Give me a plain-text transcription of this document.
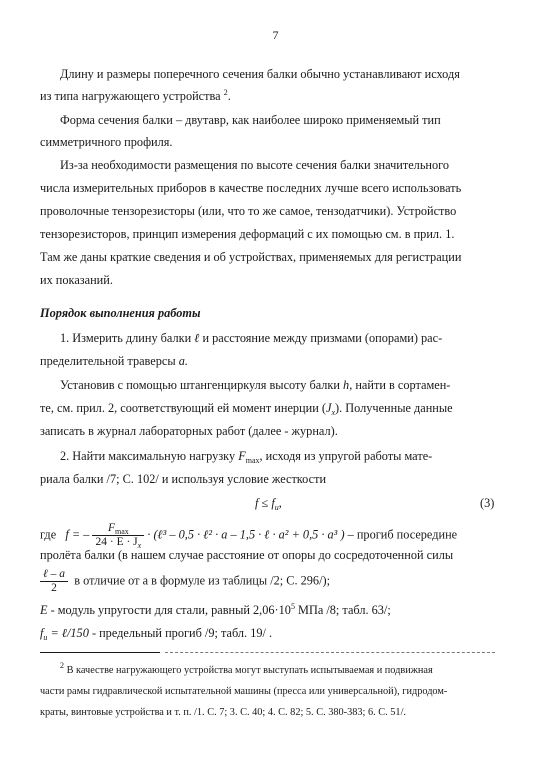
7
Длину и размеры поперечного сечения балки обычно устанавливают исходя
из типа нагружающего устройства $^2$.
Форма сечения балки – двутавр, как наиболее широко применяемый тип
симметричного профиля.
Из-за необходимости размещения по высоте сечения балки значительного
числа измерительных приборов в качестве последних лучше всего использовать
проволочные тензорезисторы (или, что то же самое, тензодатчики). Устройство
тензорезисторов, принцип измерения деформаций с их помощью см. в прил. 1.
Там же даны краткие сведения и об устройствах, применяемых для регистрации
их показаний.
Порядок выполнения работы
1. Измерить длину балки ℓ и расстояние между призмами (опорами) рас-
пределительной траверсы a.
Установив с помощью штангенциркуля высоту балки h, найти в сортамен-
те, см. прил. 2, соответствующий ей момент инерции $(J_x)$. Полученные данные
записать в журнал лабораторных работ (далее - журнал).
2. Найти максимальную нагрузку $F_{max}$, исходя из упругой работы мате-
риала балки /7; С. 102/ и используя условие жесткости
$f \le f_u$,	(3)
где f = – $\frac{F_{max}}{24 \cdot E \cdot J_x}$ · (ℓ³ – 0,5 · ℓ² · a – 1,5 · ℓ · a² + 0,5 · a³ ) – прогиб посередине
пролёта балки (в нашем случае расстояние от опоры до сосредоточенной силы
$\frac{\text{ℓ – a}}{2}$ в отличие от a в формуле из таблицы /2; С. 296/);
E - модуль упругости для стали, равный $2,06\cdot 10^5$ МПа /8; табл. 63/;
$f_u$ = ℓ/150 - предельный прогиб /9; табл. 19/ .
$^2$ В качестве нагружающего устройства могут выступать испытываемая и подвижная
части рамы гидравлической испытательной машины (пресса или универсальной), гидродом-
краты, винтовые устройства и т. п. /1. С. 7; 3. С. 40; 4. С. 82; 5. С. 380-383; 6. С. 51/.
